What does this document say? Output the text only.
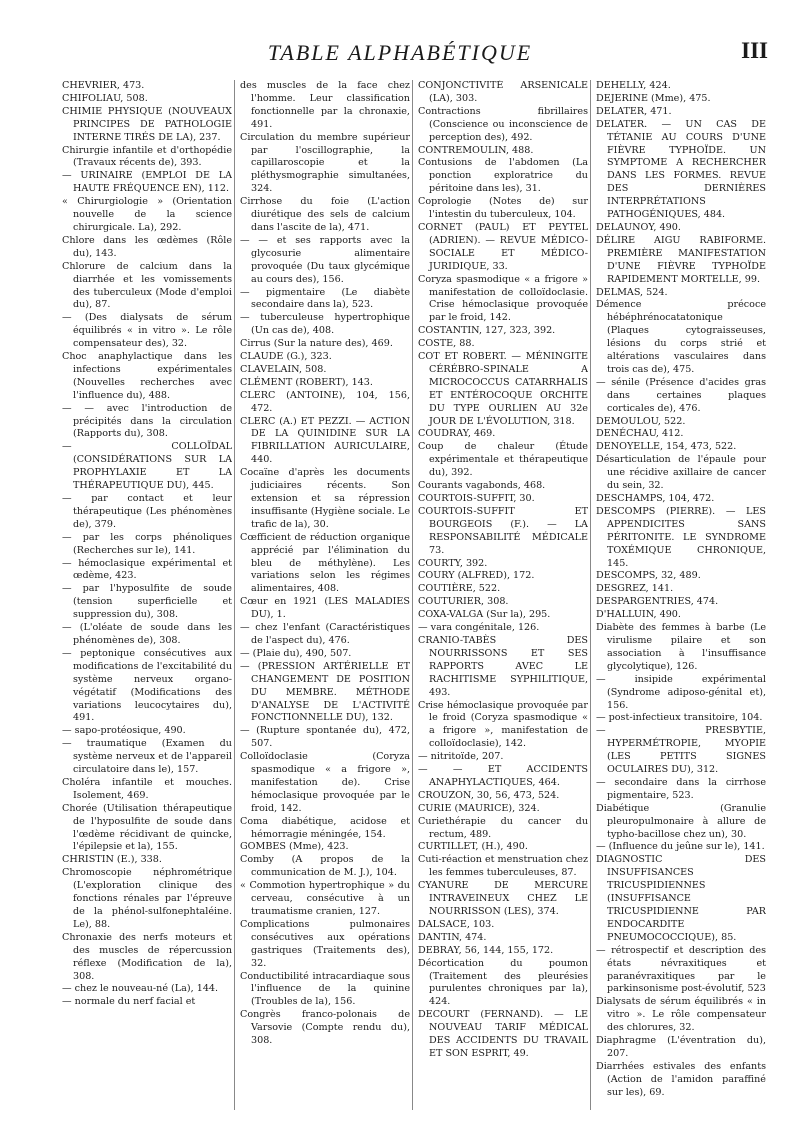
TABLE ALPHABÉTIQUE	III

CHEVRIER, 473.

CHIFOLIAU, 508.

CHIMIE PHYSIQUE (NOUVEAUX PRINCIPES DE PATHOLOGIE INTERNE TIRÉS DE LA), 237.

Chirurgie infantile et d'orthopédie (Travaux récents de), 393.

— URINAIRE (EMPLOI DE LA HAUTE FRÉQUENCE EN), 112.

« Chirurgiologie » (Orientation nouvelle de la science chirurgicale. La), 292.

Chlore dans les œdèmes (Rôle du), 143.

Chlorure de calcium dans la diarrhée et les vomissements des tuberculeux (Mode d'emploi du), 87.

— (Des dialysats de sérum équilibrés « in vitro ». Le rôle compensateur des), 32.

Choc anaphylactique dans les infections expérimentales (Nouvelles recherches avec l'influence du), 488.

— — avec l'introduction de précipités dans la circulation (Rapports du), 308.

— COLLOÏDAL (CONSIDÉRATIONS SUR LA PROPHYLAXIE ET LA THÉRAPEUTIQUE DU), 445.

— par contact et leur thérapeutique (Les phénomènes de), 379.

— par les corps phénoliques (Recherches sur le), 141.

— hémoclasique expérimental et œdème, 423.

— par l'hyposulfite de soude (tension superficielle et suppression du), 308.

— (L'oléate de soude dans les phénomènes de), 308.

— peptonique consécutives aux modifications de l'excitabilité du système nerveux organo-végétatif (Modifications des variations leucocytaires du), 491.

— sapo-protéosique, 490.

— traumatique (Examen du système nerveux et de l'appareil circulatoire dans le), 157.

Choléra infantile et mouches. Isolement, 469.

Chorée (Utilisation thérapeutique de l'hyposulfite de soude dans l'œdème récidivant de quincke, l'épilepsie et la), 155.

CHRISTIN (E.), 338.

Chromoscopie néphrométrique (L'exploration clinique des fonctions rénales par l'épreuve de la phénol-sulfonephtaléine. Le), 88.

Chronaxie des nerfs moteurs et des muscles de répercussion réflexe (Modification de la), 308.

— chez le nouveau-né (La), 144.

— normale du nerf facial et

des muscles de la face chez l'homme. Leur classification fonctionnelle par la chronaxie, 491.

Circulation du membre supérieur par l'oscillographie, la capillaroscopie et la pléthysmographie simultanées, 324.

Cirrhose du foie (L'action diurétique des sels de calcium dans l'ascite de la), 471.

— — et ses rapports avec la glycosurie alimentaire provoquée (Du taux glycémique au cours des), 156.

— pigmentaire (Le diabète secondaire dans la), 523.

— tuberculeuse hypertrophique (Un cas de), 408.

Cirrus (Sur la nature des), 469.

CLAUDE (G.), 323.

CLAVELAIN, 508.

CLÉMENT (ROBERT), 143.

CLERC (ANTOINE), 104, 156, 472.

CLERC (A.) ET PEZZI. — ACTION DE LA QUINIDINE SUR LA FIBRILLATION AURICULAIRE, 440.

Cocaïne d'après les documents judiciaires récents. Son extension et sa répression insuffisante (Hygiène sociale. Le trafic de la), 30.

Cœfficient de réduction organique apprécié par l'élimination du bleu de méthylène). Les variations selon les régimes alimentaires, 408.

Cœur en 1921 (LES MALADIES DU), 1.

— chez l'enfant (Caractéristiques de l'aspect du), 476.

— (Plaie du), 490, 507.

— (PRESSION ARTÉRIELLE ET CHANGEMENT DE POSITION DU MEMBRE. MÉTHODE D'ANALYSE DE L'ACTIVITÉ FONCTIONNELLE DU), 132.

— (Rupture spontanée du), 472, 507.

Colloïdoclasie (Coryza spasmodique « a frigore », manifestation de). Crise hémoclasique provoquée par le froid, 142.

Coma diabétique, acidose et hémorragie méningée, 154.

GOMBES (Mme), 423.

Comby (A propos de la communication de M. J.), 104.

« Commotion hypertrophique » du cerveau, consécutive à un traumatisme cranien, 127.

Complications pulmonaires consécutives aux opérations gastriques (Traitements des), 32.

Conductibilité intracardiaque sous l'influence de la quinine (Troubles de la), 156.

Congrès franco-polonais de Varsovie (Compte rendu du), 308.

CONJONCTIVITÉ ARSENICALE (LA), 303.

Contractions fibrillaires (Conscience ou inconscience de perception des), 492.

CONTREMOULIN, 488.

Contusions de l'abdomen (La ponction exploratrice du péritoine dans les), 31.

Coprologie (Notes de) sur l'intestin du tuberculeux, 104.

CORNET (PAUL) ET PEYTEL (ADRIEN). — REVUE MÉDICO-SOCIALE ET MÉDICO-JURIDIQUE, 33.

Coryza spasmodique « a frigore » manifestation de colloïdoclasie. Crise hémoclasique provoquée par le froid, 142.

COSTANTIN, 127, 323, 392.

COSTE, 88.

COT ET ROBERT. — MÉNINGITE CÉRÉBRO-SPINALE A MICROCOCCUS CATARRHALIS ET ENTÉROCOQUE ORCHITE DU TYPE OURLIEN AU 32e JOUR DE L'ÉVOLUTION, 318.

COUDRAY, 469.

Coup de chaleur (Étude expérimentale et thérapeutique du), 392.

Courants vagabonds, 468.

COURTOIS-SUFFIT, 30.

COURTOIS-SUFFIT ET BOURGEOIS (F.). — LA RESPONSABILITÉ MÉDICALE 73.

COURTY, 392.

COURY (ALFRED), 172.

COUTIÈRE, 522.

COUTURIER, 308.

COXA-VALGA (Sur la), 295.

— vara congénitale, 126.

CRANIO-TABÈS DES NOURRISSONS ET SES RAPPORTS AVEC LE RACHITISME SYPHILITIQUE, 493.

Crise hémoclasique provoquée par le froid (Coryza spasmodique « a frigore », manifestation de colloïdoclasie), 142.

— nitritoïde, 207.

— — ET ACCIDENTS ANAPHYLACTIQUES, 464.

CROUZON, 30, 56, 473, 524.

CURIE (MAURICE), 324.

Curiethérapie du cancer du rectum, 489.

CURTILLET, (H.), 490.

Cuti-réaction et menstruation chez les femmes tuberculeuses, 87.

CYANURE DE MERCURE INTRAVEINEUX CHEZ LE NOURRISSON (LES), 374.

DALSACE, 103.

DANTIN, 474.

DEBRAY, 56, 144, 155, 172.

Décortication du poumon (Traitement des pleurésies purulentes chroniques par la), 424.

DECOURT (FERNAND). — LE NOUVEAU TARIF MÉDICAL DES ACCIDENTS DU TRAVAIL ET SON ESPRIT, 49.

DEHELLY, 424.

DEJERINE (Mme), 475.

DELATER, 471.

DELATER. — UN CAS DE TÉTANIE AU COURS D'UNE FIÈVRE TYPHOÏDE. UN SYMPTOME A RECHERCHER DANS LES FORMES. REVUE DES DERNIÈRES INTERPRÉTATIONS PATHOGÉNIQUES, 484.

DELAUNOY, 490.

DÉLIRE AIGU RABIFORME. PREMIÈRE MANIFESTATION D'UNE FIÈVRE TYPHOÏDE RAPIDEMENT MORTELLE, 99.

DELMAS, 524.

Démence précoce hébéphrénocatatonique (Plaques cytograisseuses, lésions du corps strié et altérations vasculaires dans trois cas de), 475.

— sénile (Présence d'acides gras dans certaines plaques corticales de), 476.

DEMOULOU, 522.

DENÉCHAU, 412.

DENOYELLE, 154, 473, 522.

Désarticulation de l'épaule pour une récidive axillaire de cancer du sein, 32.

DESCHAMPS, 104, 472.

DESCOMPS (PIERRE). — LES APPENDICITES SANS PÉRITONITE. LE SYNDROME TOXÉMIQUE CHRONIQUE, 145.

DESCOMPS, 32, 489.

DESGREZ, 141.

DESPARGENTRIES, 474.

D'HALLUIN, 490.

Diabète des femmes à barbe (Le virulisme pilaire et son association à l'insuffisance glycolytique), 126.

— insipide expérimental (Syndrome adiposo-génital et), 156.

— post-infectieux transitoire, 104.

— PRESBYTIE, HYPERMÉTROPIE, MYOPIE (LES PETITS SIGNES OCULAIRES DU), 312.

— secondaire dans la cirrhose pigmentaire, 523.

Diabétique (Granulie pleuropulmonaire à allure de typho-bacillose chez un), 30.

— (Influence du jeûne sur le), 141.

DIAGNOSTIC DES INSUFFISANCES TRICUSPIDIENNES (INSUFFISANCE TRICUSPIDIENNE PAR ENDOCARDITE PNEUMOCOCCIQUE), 85.

— rétrospectif et description des états névraxitiques et paranévraxitiques par le parkinsonisme post-évolutif, 523

Dialysats de sérum équilibrés « in vitro ». Le rôle compensateur des chlorures, 32.

Diaphragme (L'éventration du), 207.

Diarrhées estivales des enfants (Action de l'amidon paraffiné sur les), 69.
